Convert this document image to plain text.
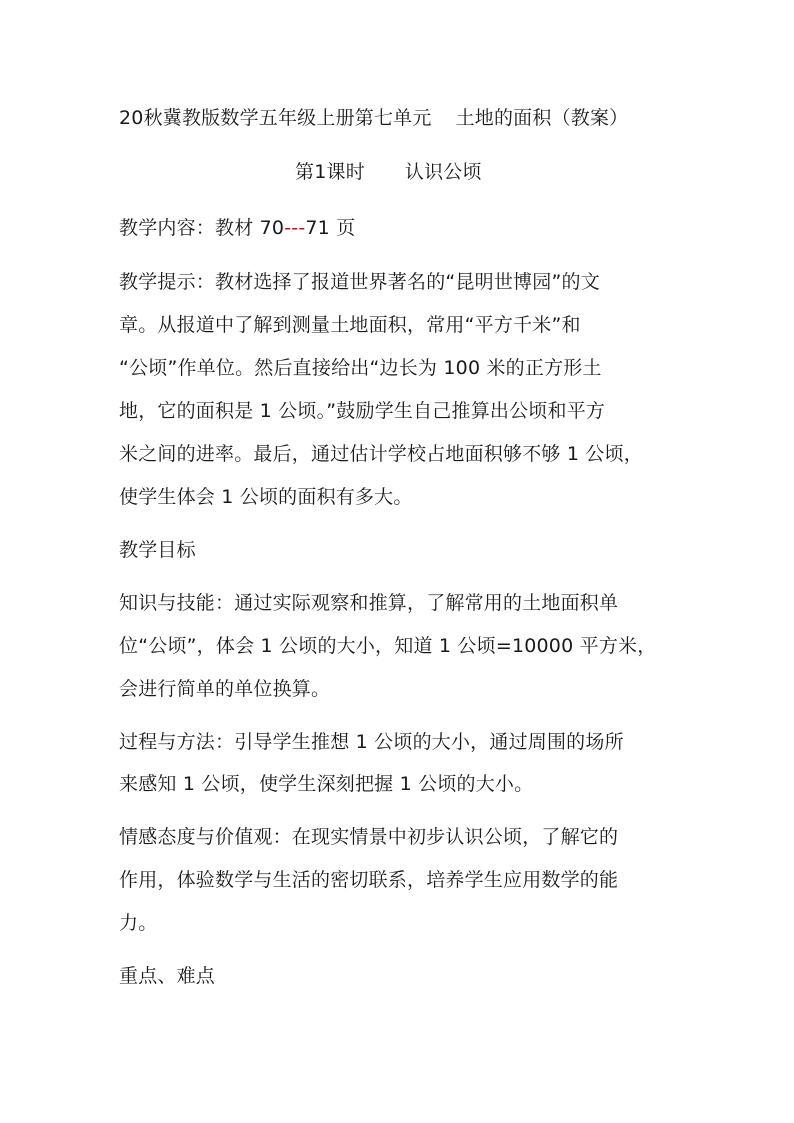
20秋冀教版数学五年级上册第七单元 土地的面积（教案）
第1课时 认识公顷
教学内容：教材 70---71 页
教学提示：教材选择了报道世界著名的“昆明世博园”的文
章。从报道中了解到测量土地面积，常用“平方千米”和
“公顷”作单位。然后直接给出“边长为 100 米的正方形土
地，它的面积是 1 公顷。”鼓励学生自己推算出公顷和平方
米之间的进率。最后，通过估计学校占地面积够不够 1 公顷，
使学生体会 1 公顷的面积有多大。
教学目标
知识与技能：通过实际观察和推算，了解常用的土地面积单
位“公顷”，体会 1 公顷的大小，知道 1 公顷=10000 平方米，
会进行简单的单位换算。
过程与方法：引导学生推想 1 公顷的大小，通过周围的场所
来感知 1 公顷，使学生深刻把握 1 公顷的大小。
情感态度与价值观：在现实情景中初步认识公顷，了解它的
作用，体验数学与生活的密切联系，培养学生应用数学的能
力。
重点、难点
